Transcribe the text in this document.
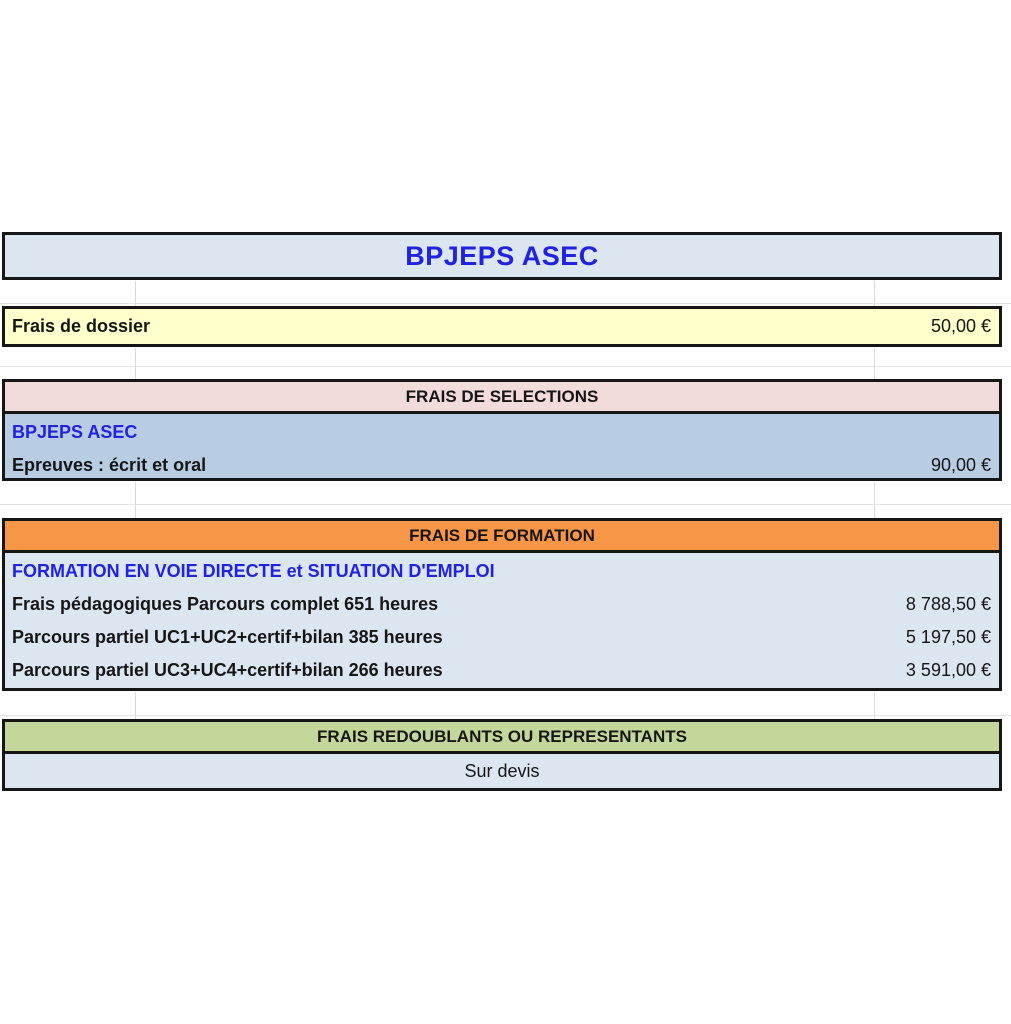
BPJEPS ASEC
Frais de dossier	50,00 €
FRAIS DE SELECTIONS
BPJEPS ASEC
Epreuves : écrit et oral	90,00 €
FRAIS DE FORMATION
FORMATION EN VOIE DIRECTE et SITUATION D'EMPLOI
Frais pédagogiques Parcours complet 651 heures	8 788,50 €
Parcours partiel UC1+UC2+certif+bilan 385 heures	5 197,50 €
Parcours partiel UC3+UC4+certif+bilan 266 heures	3 591,00 €
FRAIS REDOUBLANTS OU REPRESENTANTS
Sur devis
